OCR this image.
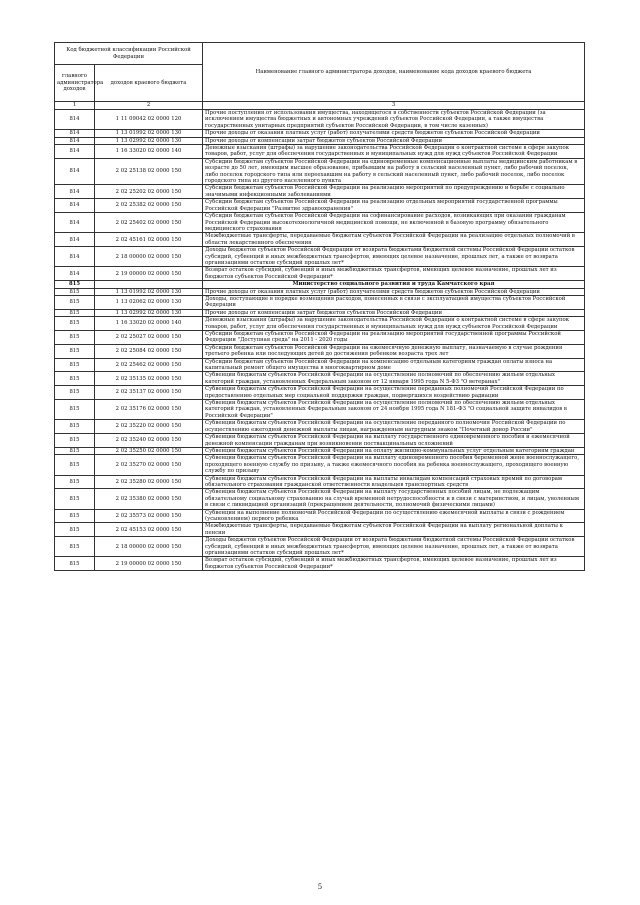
Код бюджетной классификации Российской Федерации		Наименование главного администратора доходов, наименование кода доходов краевого бюджета
главного администратора доходов	доходов краевого бюджета	
1	2	3
814	1 11 09042 02 0000 120	Прочие поступления от использования имущества, находящегося в собственности субъектов Российской Федерации (за исключением имущества бюджетных и автономных учреждений субъектов Российской Федерации, а также имущества государственных унитарных предприятий субъектов Российской Федерации, в том числе казенных)
814	1 13 01992 02 0000 130	Прочие доходы от оказания платных услуг (работ) получателями средств бюджетов субъектов Российской Федерации
814	1 13 02992 02 0000 130	Прочие доходы от компенсации затрат бюджетов субъектов Российской Федерации
814	1 16 33020 02 0000 140	Денежные взыскания (штрафы) за нарушение законодательства Российской Федерации о контрактной системе в сфере закупок товаров, работ, услуг для обеспечения государственных и муниципальных нужд для нужд субъектов Российской Федерации
814	2 02 25138 02 0000 150	Субсидии бюджетам субъектов Российской Федерации на единовременные компенсационные выплаты медицинским работникам в возрасте до 50 лет, имеющим высшее образование, прибывшим на работу в сельский населенный пункт, либо рабочий поселок, либо поселок городского типа или переехавшим на работу в сельский населенный пункт, либо рабочий поселок, либо поселок городского типа из другого населенного пункта
814	2 02 25202 02 0000 150	Субсидии бюджетам субъектов Российской Федерации на реализацию мероприятий по предупреждению и борьбе с социально значимыми инфекционными заболеваниями
814	2 02 25382 02 0000 150	Субсидии бюджетам субъектов Российской Федерации на реализацию отдельных мероприятий государственной программы Российской Федерации "Развитие здравоохранения"
814	2 02 25402 02 0000 150	Субсидии бюджетам субъектов Российской Федерации на софинансирование расходов, возникающих при оказании гражданам Российской Федерации высокотехнологичной медицинской помощи, не включенной в базовую программу обязательного медицинского страхования
814	2 02 45161 02 0000 150	Межбюджетные трансферты, передаваемые бюджетам субъектов Российской Федерации на реализацию отдельных полномочий в области лекарственного обеспечения
814	2 18 00000 02 0000 150	Доходы бюджетов субъектов Российской Федерации от возврата бюджетами бюджетной системы Российской Федерации остатков субсидий, субвенций и иных межбюджетных трансфертов, имеющих целевое назначение, прошлых лет, а также от возврата организациями остатков субсидий прошлых лет*
814	2 19 00000 02 0000 150	Возврат остатков субсидий, субвенций и иных межбюджетных трансфертов, имеющих целевое назначение, прошлых лет из бюджетов субъектов Российской Федерации*
815		Министерство социального развития и труда Камчатского края
815	1 13 01992 02 0000 130	Прочие доходы от оказания платных услуг (работ) получателями средств бюджетов субъектов Российской Федерации
815	1 13 02062 02 0000 130	Доходы, поступающие в порядке возмещения расходов, понесенных в связи с эксплуатацией имущества субъектов Российской Федерации
815	1 13 02992 02 0000 130	Прочие доходы от компенсации затрат бюджетов субъектов Российской Федерации
815	1 16 33020 02 0000 140	Денежные взыскания (штрафы) за нарушение законодательства Российской Федерации о контрактной системе в сфере закупок товаров, работ, услуг для обеспечения государственных и муниципальных нужд для нужд субъектов Российской Федерации
815	2 02 25027 02 0000 150	Субсидии бюджетам субъектов Российской Федерации на реализацию мероприятий государственной программы Российской Федерации "Доступная среда" на 2011 - 2020 годы
815	2 02 25084 02 0000 150	Субсидии бюджетам субъектов Российской Федерации на ежемесячную денежную выплату, назначаемую в случае рождения третьего ребенка или последующих детей до достижения ребенком возраста трех лет
815	2 02 25462 02 0000 150	Субсидии бюджетам субъектов Российской Федерации на компенсацию отдельным категориям граждан оплаты взноса на капитальный ремонт общего имущества в многоквартирном доме
815	2 02 35135 02 0000 150	Субвенции бюджетам субъектов Российской Федерации на осуществление полномочий по обеспечению жильем отдельных категорий граждан, установленных Федеральным законом от 12 января 1995 года N 5-ФЗ "О ветеранах"
815	2 02 35137 02 0000 150	Субвенции бюджетам субъектов Российской Федерации на осуществление переданных полномочий Российской Федерации по предоставлению отдельных мер социальной поддержки граждан, подвергшихся воздействию радиации
815	2 02 35176 02 0000 150	Субвенции бюджетам субъектов Российской Федерации на осуществление полномочий по обеспечению жильем отдельных категорий граждан, установленных Федеральным законом от 24 ноября 1995 года N 181-ФЗ "О социальной защите инвалидов в Российской Федерации"
815	2 02 35220 02 0000 150	Субвенции бюджетам субъектов Российской Федерации на осуществление переданного полномочия Российской Федерации по осуществлению ежегодной денежной выплаты лицам, награжденным нагрудным знаком "Почетный донор России"
815	2 02 35240 02 0000 150	Субвенции бюджетам субъектов Российской Федерации на выплату государственного единовременного пособия и ежемесячной денежной компенсации гражданам при возникновении поствакцинальных осложнений
815	2 02 35250 02 0000 150	Субвенции бюджетам субъектов Российской Федерации на оплату жилищно-коммунальных услуг отдельным категориям граждан
815	2 02 35270 02 0000 150	Субвенции бюджетам субъектов Российской Федерации на выплату единовременного пособия беременной жене военнослужащего, проходящего военную службу по призыву, а также ежемесячного пособия на ребенка военнослужащего, проходящего военную службу по призыву
815	2 02 35280 02 0000 150	Субвенции бюджетам субъектов Российской Федерации на выплаты инвалидам компенсаций страховых премий по договорам обязательного страхования гражданской ответственности владельцев транспортных средств
815	2 02 35380 02 0000 150	Субвенции бюджетам субъектов Российской Федерации на выплату государственных пособий лицам, не подлежащим обязательному социальному страхованию на случай временной нетрудоспособности и в связи с материнством, и лицам, уволенным в связи с ликвидацией организаций (прекращением деятельности, полномочий физическими лицами)
815	2 02 35573 02 0000 150	Субвенции на выполнение полномочий Российской Федерации по осуществлению ежемесячной выплаты в связи с рождением (усыновлением) первого ребенка
815	2 02 45153 02 0000 150	Межбюджетные трансферты, передаваемые бюджетам субъектов Российской Федерации на выплату региональной доплаты к пенсии
815	2 18 00000 02 0000 150	Доходы бюджетов субъектов Российской Федерации от возврата бюджетами бюджетной системы Российской Федерации остатков субсидий, субвенций и иных межбюджетных трансфертов, имеющих целевое назначение, прошлых лет, а также от возврата организациями остатков субсидий прошлых лет*
815	2 19 00000 02 0000 150	Возврат остатков субсидий, субвенций и иных межбюджетных трансфертов, имеющих целевое назначение, прошлых лет из бюджетов субъектов Российской Федерации*
5
